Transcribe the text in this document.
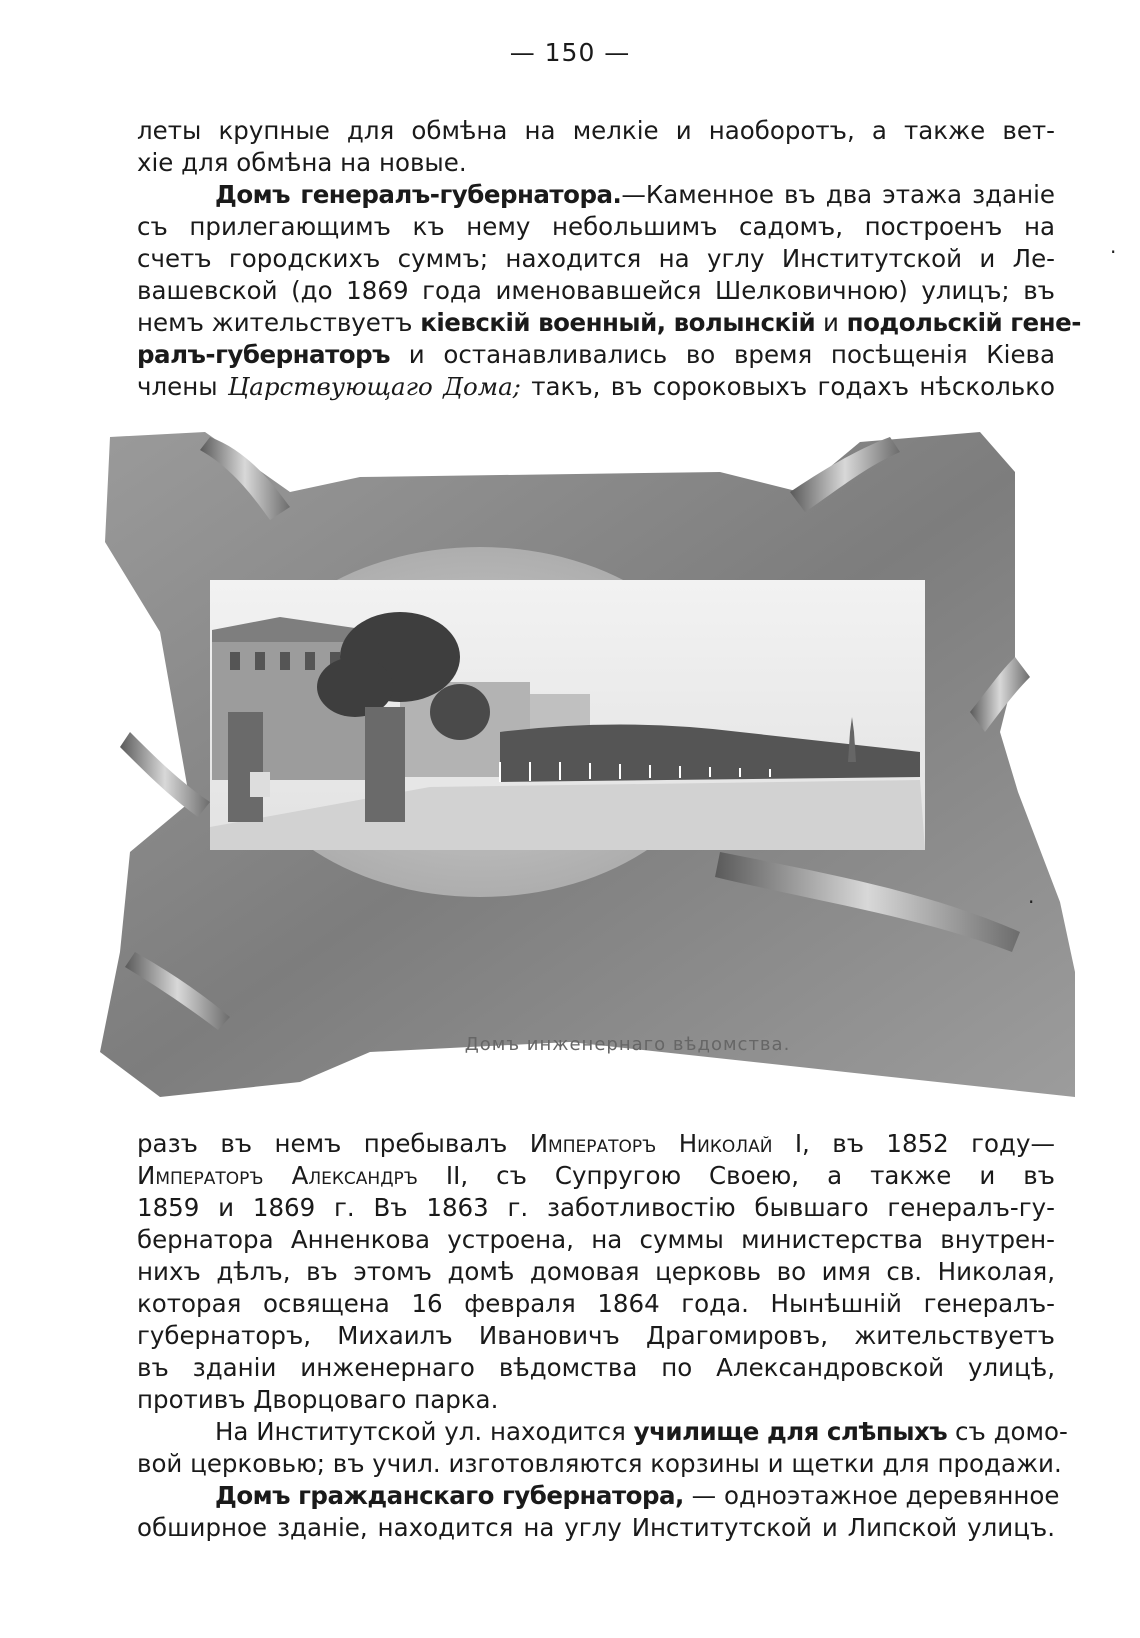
— 150 —
леты крупные для обмѣна на мелкіе и наоборотъ, а также вет-
хіе для обмѣна на новые.
Домъ генералъ-губернатора.—Каменное въ два этажа зданіе
съ прилегающимъ къ нему небольшимъ садомъ, построенъ на
счетъ городскихъ суммъ; находится на углу Институтской и Ле-
вашевской (до 1869 года именовавшейся Шелковичною) улицъ; въ
немъ жительствуетъ кіевскій военный, волынскій и подольскій гене-
ралъ-губернаторъ и останавливались во время посѣщенія Кіева
члены Царствующаго Дома; такъ, въ сороковыхъ годахъ нѣсколько
Домъ инженернаго вѣдомства.
·
·
разъ въ немъ пребывалъ Императоръ Николай I, въ 1852 году—
Императоръ Александръ II, съ Супругою Своею, а также и въ
1859 и 1869 г. Въ 1863 г. заботливостію бывшаго генералъ-гу-
бернатора Анненкова устроена, на суммы министерства внутрен-
нихъ дѣлъ, въ этомъ домѣ домовая церковь во имя св. Николая,
которая освящена 16 февраля 1864 года. Нынѣшній генералъ-
губернаторъ, Михаилъ Ивановичъ Драгомировъ, жительствуетъ
въ зданіи инженернаго вѣдомства по Александровской улицѣ,
противъ Дворцоваго парка.
На Институтской ул. находится училище для слѣпыхъ съ домо-
вой церковью; въ учил. изготовляются корзины и щетки для продажи.
Домъ гражданскаго губернатора, — одноэтажное деревянное
обширное зданіе, находится на углу Институтской и Липской улицъ.
